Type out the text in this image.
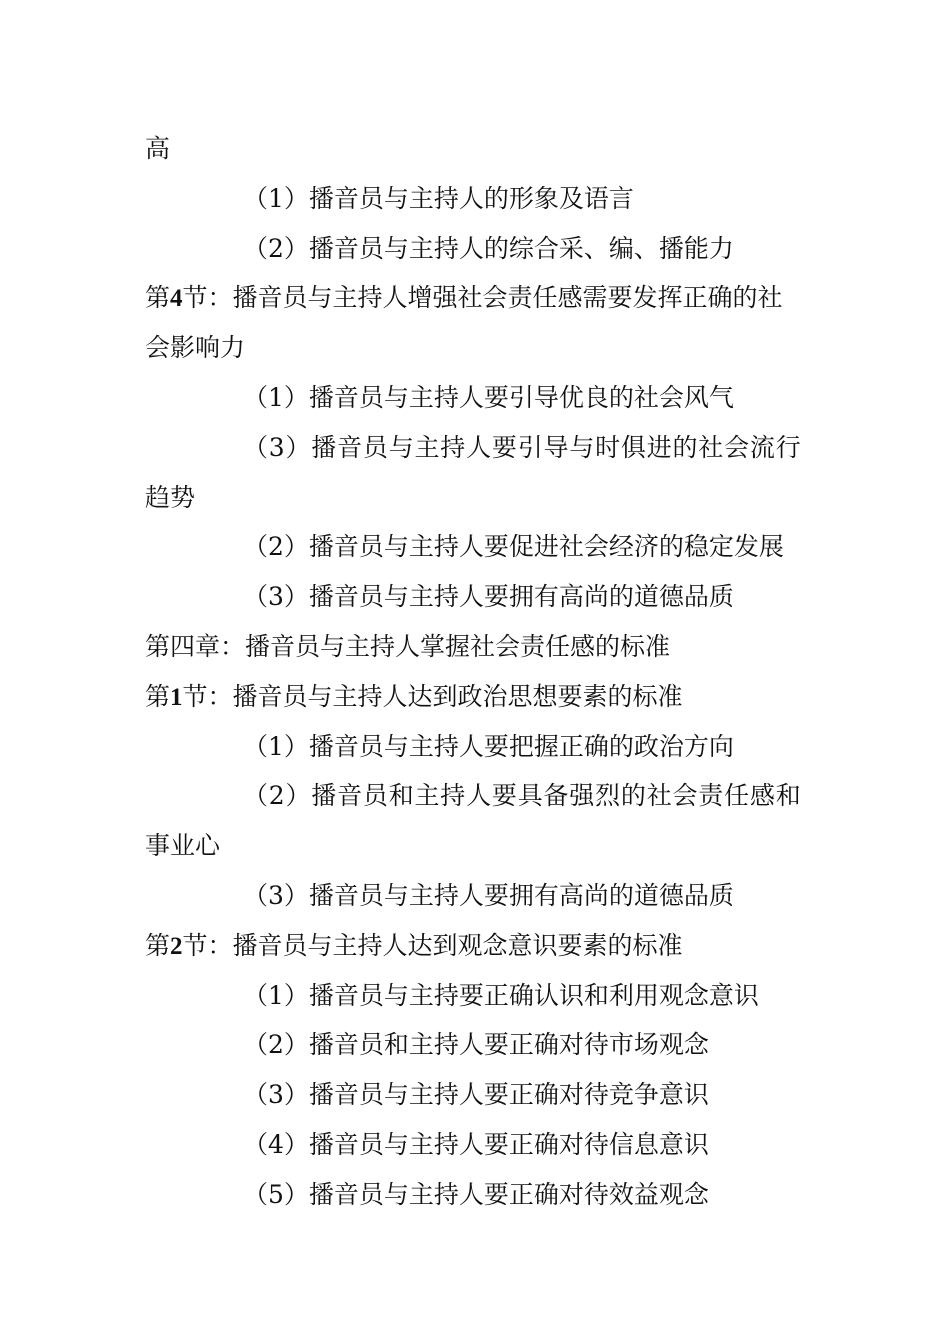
高
（1）播音员与主持人的形象及语言
（2）播音员与主持人的综合采、编、播能力
第4节：播音员与主持人增强社会责任感需要发挥正确的社
会影响力
（1）播音员与主持人要引导优良的社会风气
（3）播音员与主持人要引导与时俱进的社会流行
趋势
（2）播音员与主持人要促进社会经济的稳定发展
（3）播音员与主持人要拥有高尚的道德品质
第四章：播音员与主持人掌握社会责任感的标准
第1节：播音员与主持人达到政治思想要素的标准
（1）播音员与主持人要把握正确的政治方向
（2）播音员和主持人要具备强烈的社会责任感和
事业心
（3）播音员与主持人要拥有高尚的道德品质
第2节：播音员与主持人达到观念意识要素的标准
（1）播音员与主持要正确认识和利用观念意识
（2）播音员和主持人要正确对待市场观念
（3）播音员与主持人要正确对待竞争意识
（4）播音员与主持人要正确对待信息意识
（5）播音员与主持人要正确对待效益观念
